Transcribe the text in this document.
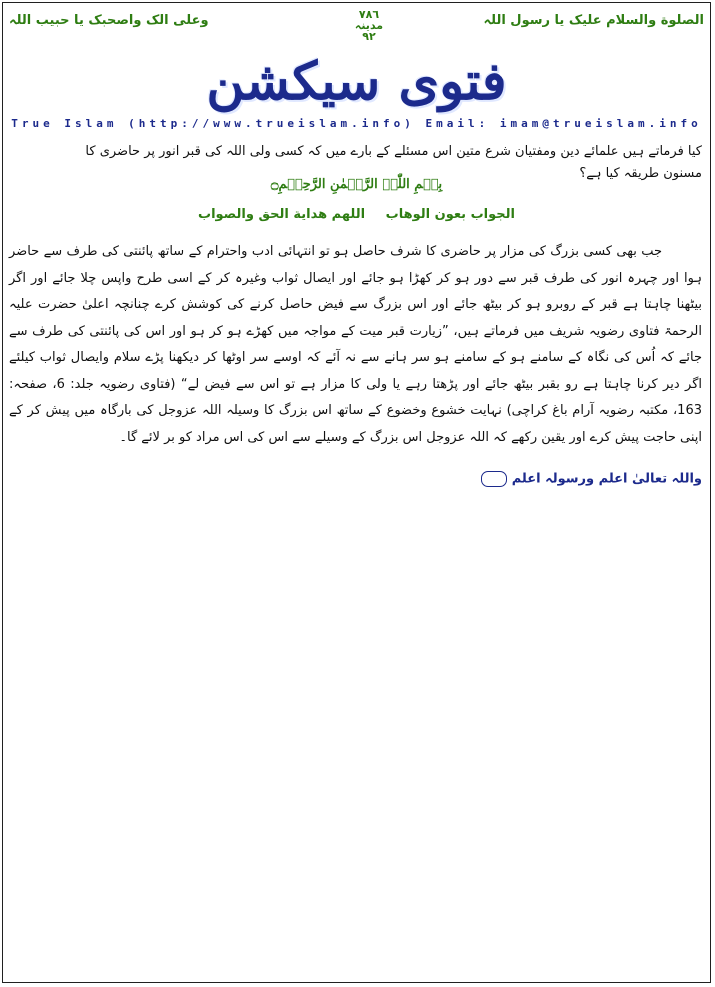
الصلوة والسلام علیک یا رسول اللہ
٧٨٦
مدینہ
٩٢
وعلی الک واصحبک یا حبیب اللہ
فتوی سیکشن
True Islam (http://www.trueislam.info) Email: imam@trueislam.info
کیا فرماتے ہیں علمائے دین ومفتیان شرع متین اس مسئلے کے بارے میں کہ کسی ولی اللہ کی قبر انور پر حاضری کا مسنون طریقہ کیا ہے؟
بِسۡمِ اللّٰہِ الرَّحۡمٰنِ الرَّحِیۡمِ۝
الجواب بعون الوهاب اللهم هداية الحق والصواب
جب بھی کسی بزرگ کی مزار پر حاضری کا شرف حاصل ہو تو انتہائی ادب واحترام کے ساتھ پائنتی کی طرف سے حاضر ہوا اور چہرہ انور کی طرف قبر سے دور ہو کر کھڑا ہو جائے اور ایصال ثواب وغیرہ کر کے اسی طرح واپس چلا جائے اور اگر بیٹھنا چاہتا ہے قبر کے روبرو ہو کر بیٹھ جائے اور اس بزرگ سے فیض حاصل کرنے کی کوشش کرے چنانچہ اعلیٰ حضرت علیہ الرحمۃ فتاوی رضویہ شریف میں فرماتے ہیں، ”زیارت قبر میت کے مواجہ میں کھڑے ہو کر ہو اور اس کی پائنتی کی طرف سے جائے کہ اُس کی نگاہ کے سامنے ہو کے سامنے ہو سر ہانے سے نہ آئے کہ اوسے سر اوٹھا کر دیکھنا پڑے سلام وایصال ثواب کیلئے اگر دیر کرنا چاہتا ہے رو بقبر بیٹھ جائے اور پڑھتا رہے یا ولی کا مزار ہے تو اس سے فیض لے“ (فتاوی رضویہ جلد: 6، صفحہ: 163، مکتبہ رضویہ آرام باغ کراچی) نہایت خشوع وخضوع کے ساتھ اس بزرگ کا وسیلہ اللہ عزوجل کی بارگاہ میں پیش کر کے اپنی حاجت پیش کرے اور یقین رکھے کہ اللہ عزوجل اس بزرگ کے وسیلے سے اس کی اس مراد کو بر لائے گا۔
واللہ تعالیٰ اعلم ورسولہ اعلم
